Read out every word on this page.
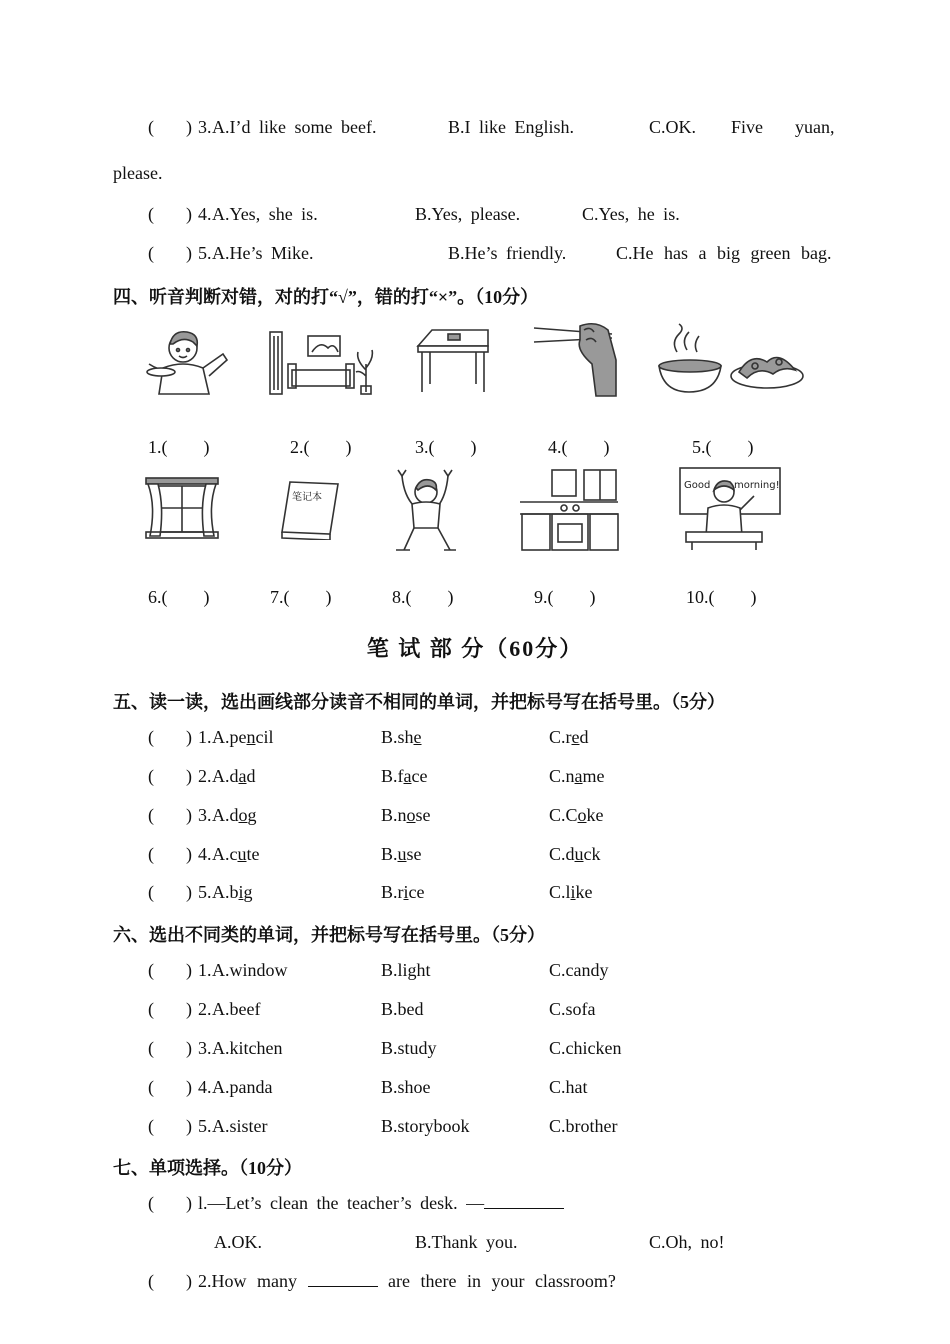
( ) 3. A.I’d like some beef.	B.I like English.	C.OK. Five yuan,
please.
( ) 4. A.Yes, she is.	B.Yes, please.	C.Yes, he is.
( ) 5. A.He’s Mike.	B.He’s friendly.	C.He has a big green bag.
四、听音判断对错，对的打“√”，错的打“×”。（10分）
1.(　　)	2.(　　)	3.(　　)	4.(　　)	5.(　　)
笔记本
Good morning!
6.(　　)	7.(　　)	8.(　　)	9.(　　)	10.(　　)
笔 试 部 分（60分）
五、读一读，选出画线部分读音不相同的单词，并把标号写在括号里。（5分）
( ) 1. A.pencil	B.she	C.red
( ) 2. A.dad	B.face	C.name
( ) 3. A.dog	B.nose	C.Coke
( ) 4. A.cute	B.use	C.duck
( ) 5. A.big	B.rice	C.like
六、选出不同类的单词，并把标号写在括号里。（5分）
( ) 1. A.window	B.light	C.candy
( ) 2. A.beef	B.bed	C.sofa
( ) 3. A.kitchen	B.study	C.chicken
( ) 4. A.panda	B.shoe	C.hat
( ) 5. A.sister	B.storybook	C.brother
七、单项选择。（10分）
( ) l.—Let’s clean the teacher’s desk. —
A.OK.	B.Thank you.	C.Oh, no!
( ) 2.How many	are there in your classroom?
